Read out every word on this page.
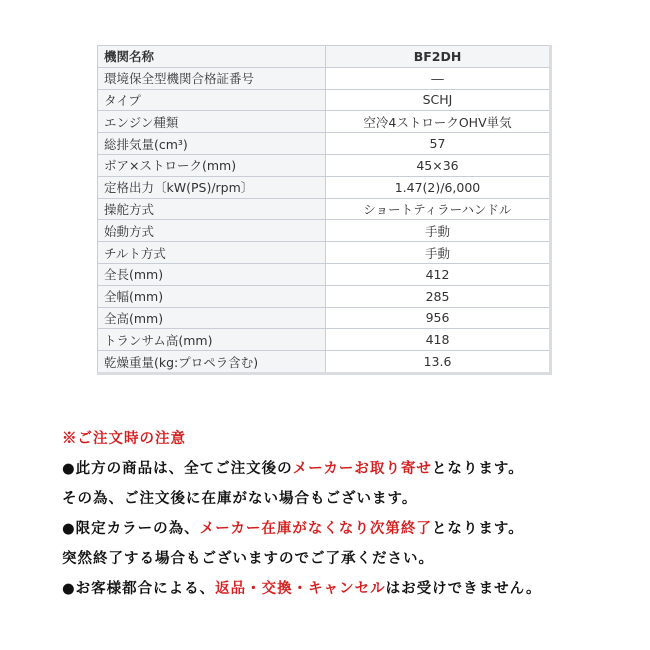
機関名称	BF2DH
環境保全型機関合格証番号	―
タイプ	SCHJ
エンジン種類	空冷4ストロークOHV単気
総排気量(cm³)	57
ボア×ストローク(mm)	45×36
定格出力〔kW(PS)/rpm〕	1.47(2)/6,000
操舵方式	ショートティラーハンドル
始動方式	手動
チルト方式	手動
全長(mm)	412
全幅(mm)	285
全高(mm)	956
トランサム高(mm)	418
乾燥重量(kg:プロペラ含む)	13.6
※ご注文時の注意
●此方の商品は、全てご注文後のメーカーお取り寄せとなります。
その為、ご注文後に在庫がない場合もございます。
●限定カラーの為、メーカー在庫がなくなり次第終了となります。
突然終了する場合もございますのでご了承ください。
●お客様都合による、返品・交換・キャンセルはお受けできません。
